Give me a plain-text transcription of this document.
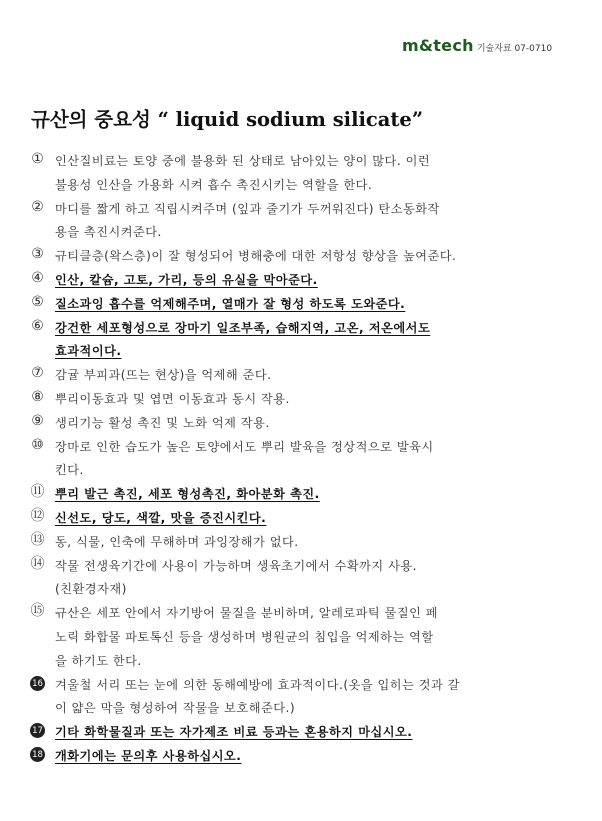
m&tech 기술자료 07-0710
규산의 중요성 “ liquid sodium silicate”
① 인산질비료는 토양 중에 불용화 된 상태로 남아있는 양이 많다. 이런
불용성 인산을 가용화 시켜 흡수 촉진시키는 역할을 한다.
② 마디를 짧게 하고 직립시켜주며 (잎과 줄기가 두꺼워진다) 탄소동화작
용을 촉진시켜준다.
③ 규티클층(왁스층)이 잘 형성되어 병해충에 대한 저항성 향상을 높여준다.
④ 인산, 칼슘, 고토, 가리, 등의 유실을 막아준다.
⑤ 질소과잉 흡수를 억제해주며, 열매가 잘 형성 하도록 도와준다.
⑥ 강건한 세포형성으로 장마기 일조부족, 습해지역, 고온, 저온에서도
효과적이다.
⑦ 감귤 부피과(뜨는 현상)을 억제해 준다.
⑧ 뿌리이동효과 및 엽면 이동효과 동시 작용.
⑨ 생리기능 활성 촉진 및 노화 억제 작용.
⑩ 장마로 인한 습도가 높은 토양에서도 뿌리 발육을 정상적으로 발육시
킨다.
⑪ 뿌리 발근 촉진, 세포 형성촉진, 화아분화 촉진.
⑫ 신선도, 당도, 색깔, 맛을 증진시킨다.
⑬ 동, 식물, 인축에 무해하며 과잉장해가 없다.
⑭ 작물 전생육기간에 사용이 가능하며 생육초기에서 수확까지 사용.
(친환경자재)
⑮ 규산은 세포 안에서 자기방어 물질을 분비하며, 알레로파틱 물질인 페
노릭 화합물 파토톡신 등을 생성하며 병원균의 침입을 억제하는 역할
을 하기도 한다.
16 겨울철 서리 또는 눈에 의한 동해예방에 효과적이다.(옷을 입히는 것과 갈
이 얇은 막을 형성하여 작물을 보호해준다.)
17 기타 화학물질과 또는 자가제조 비료 등과는 혼용하지 마십시오.
18 개화기에는 문의후 사용하십시오.
